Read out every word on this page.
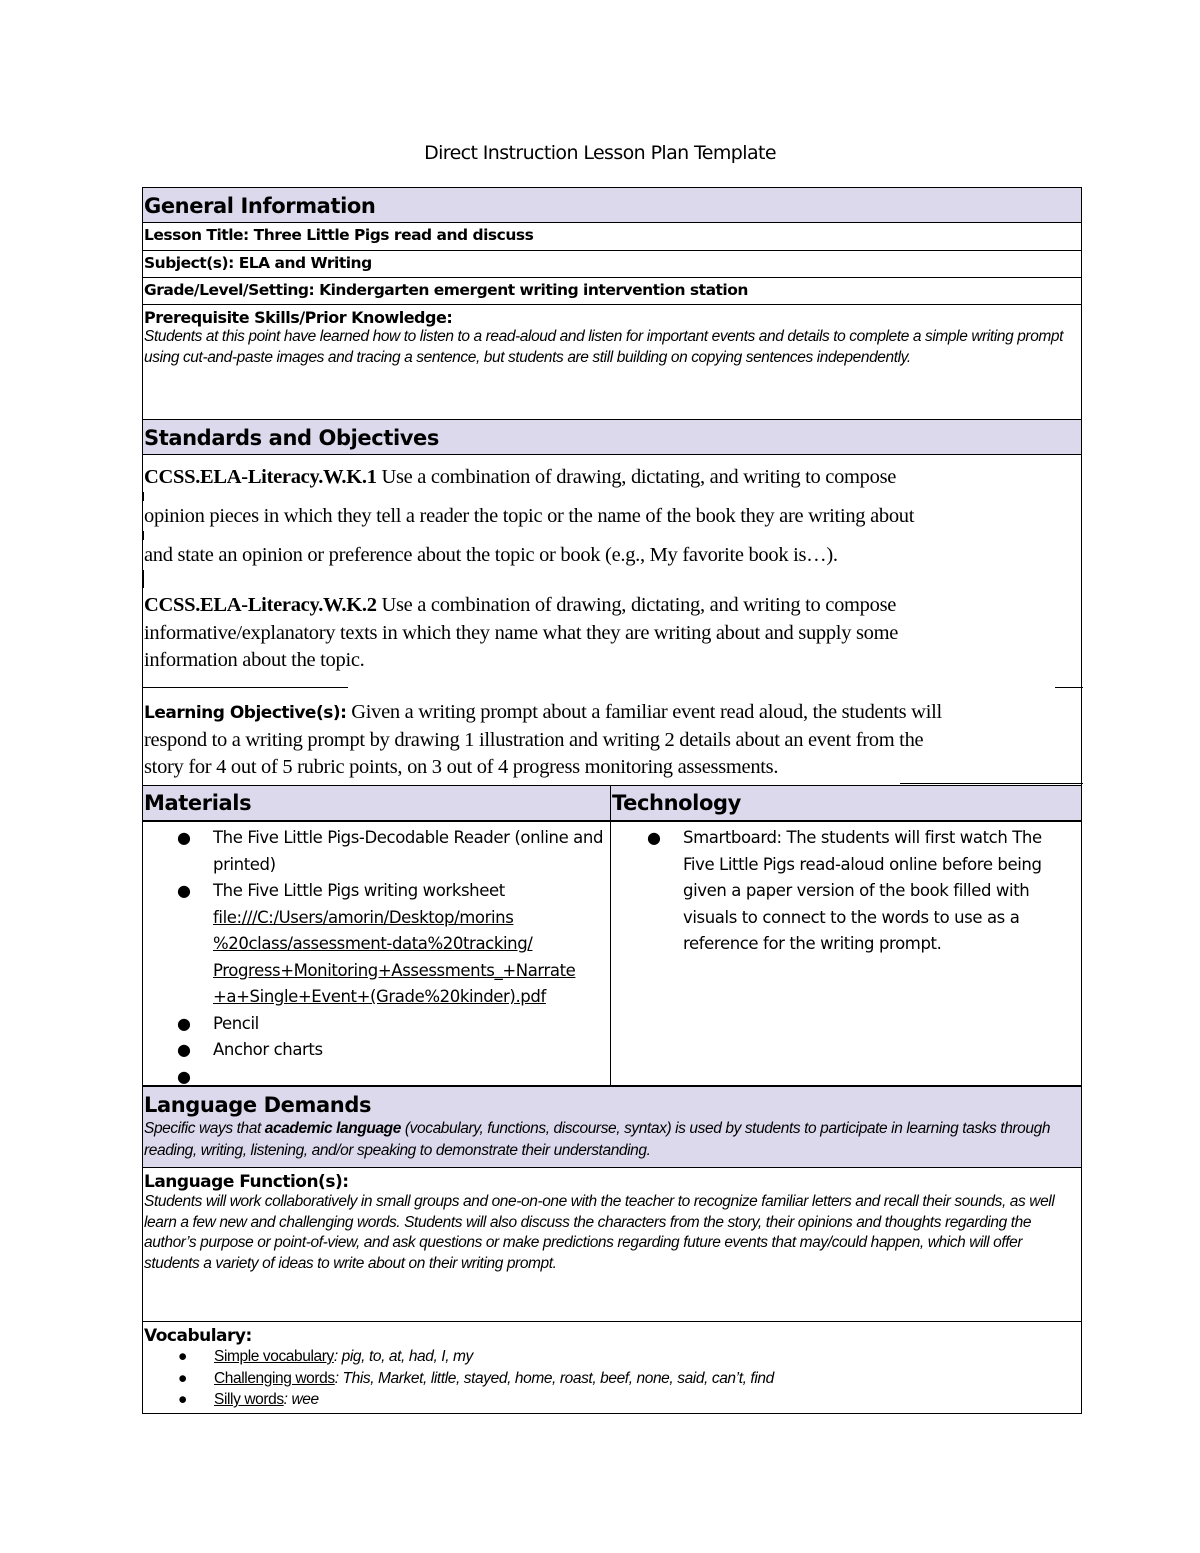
Direct Instruction Lesson Plan Template
General Information
Lesson Title: Three Little Pigs read and discuss
Subject(s): ELA and Writing
Grade/Level/Setting: Kindergarten emergent writing intervention station
Prerequisite Skills/Prior Knowledge:
Students at this point have learned how to listen to a read-aloud and listen for important events and details to complete a simple writing prompt using cut-and-paste images and tracing a sentence, but students are still building on copying sentences independently.
Standards and Objectives
CCSS.ELA-Literacy.W.K.1 Use a combination of drawing, dictating, and writing to compose
opinion pieces in which they tell a reader the topic or the name of the book they are writing about
and state an opinion or preference about the topic or book (e.g., My favorite book is…).
CCSS.ELA-Literacy.W.K.2 Use a combination of drawing, dictating, and writing to compose
informative/explanatory texts in which they name what they are writing about and supply some
information about the topic.
Learning Objective(s): Given a writing prompt about a familiar event read aloud, the students will
respond to a writing prompt by drawing 1 illustration and writing 2 details about an event from the
story for 4 out of 5 rubric points, on 3 out of 4 progress monitoring assessments.
Materials	Technology
● The Five Little Pigs-Decodable Reader (online and printed)
● The Five Little Pigs writing worksheet
file:///C:/Users/amorin/Desktop/morins
%20class/assessment-data%20tracking/
Progress+Monitoring+Assessments_+Narrate
+a+Single+Event+(Grade%20kinder).pdf
● Pencil
● Anchor charts
●

● Smartboard: The students will first watch The Five Little Pigs read-aloud online before being given a paper version of the book filled with visuals to connect to the words to use as a reference for the writing prompt.
Language Demands
Specific ways that academic language (vocabulary, functions, discourse, syntax) is used by students to participate in learning tasks through reading, writing, listening, and/or speaking to demonstrate their understanding.
Language Function(s):
Students will work collaboratively in small groups and one-on-one with the teacher to recognize familiar letters and recall their sounds, as well learn a few new and challenging words. Students will also discuss the characters from the story, their opinions and thoughts regarding the author’s purpose or point-of-view, and ask questions or make predictions regarding future events that may/could happen, which will offer students a variety of ideas to write about on their writing prompt.
Vocabulary:
● Simple vocabulary: pig, to, at, had, I, my
● Challenging words: This, Market, little, stayed, home, roast, beef, none, said, can’t, find
● Silly words: wee
